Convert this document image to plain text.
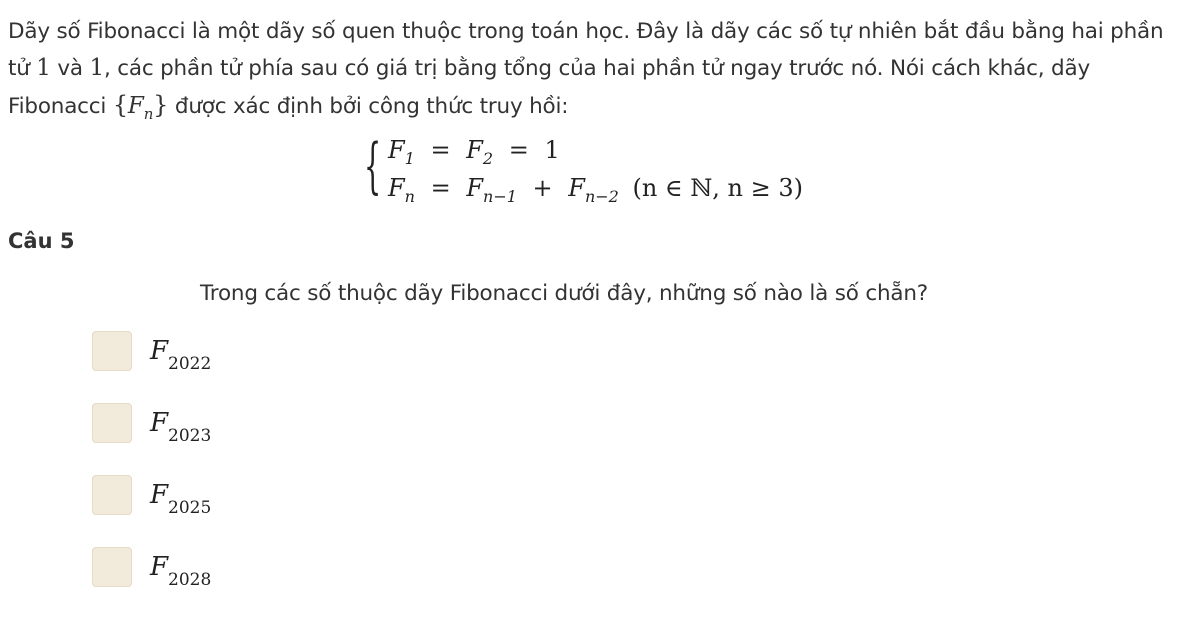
Dãy số Fibonacci là một dãy số quen thuộc trong toán học. Đây là dãy các số tự nhiên bắt đầu bằng hai phần tử 1 và 1, các phần tử phía sau có giá trị bằng tổng của hai phần tử ngay trước nó. Nói cách khác, dãy Fibonacci $\{F_n\}$ được xác định bởi công thức truy hồi:

{ $F_1 = F_2 = 1$
$F_n = F_{n-1} + F_{n-2}$ (n ∈ ℕ, n ≥ 3)
Câu 5
Trong các số thuộc dãy Fibonacci dưới đây, những số nào là số chẵn?
$F_{2022}$
$F_{2023}$
$F_{2025}$
$F_{2028}$
